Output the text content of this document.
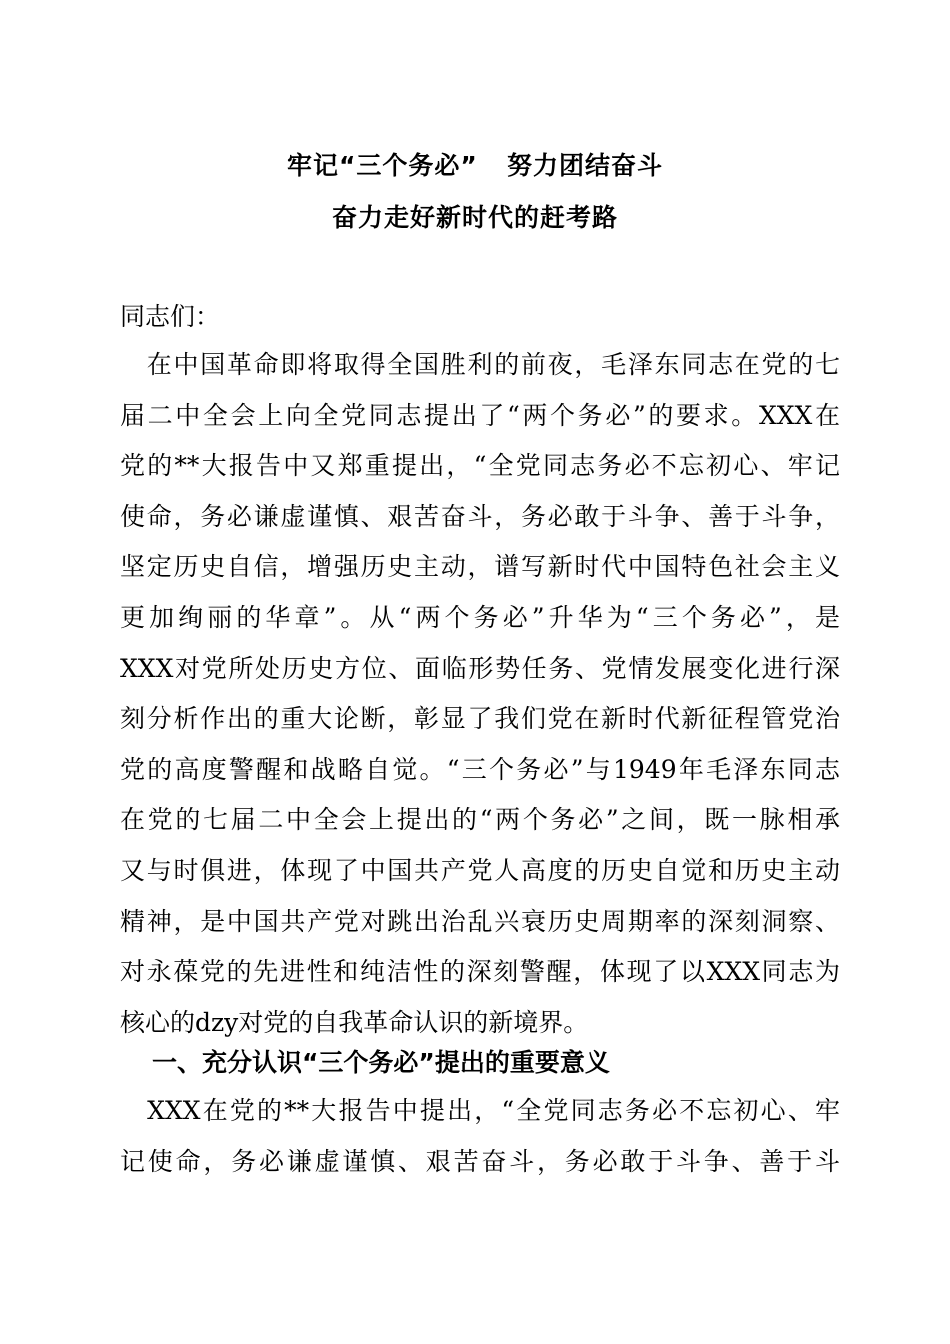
牢记“三个务必”   努力团结奋斗
奋力走好新时代的赶考路
同志们：
　在中国革命即将取得全国胜利的前夜，毛泽东同志在党的七
届二中全会上向全党同志提出了“两个务必”的要求。XXX在
党的**大报告中又郑重提出，“全党同志务必不忘初心、牢记
使命，务必谦虚谨慎、艰苦奋斗，务必敢于斗争、善于斗争，
坚定历史自信，增强历史主动，谱写新时代中国特色社会主义
更加绚丽的华章”。从“两个务必”升华为“三个务必”，是
XXX对党所处历史方位、面临形势任务、党情发展变化进行深
刻分析作出的重大论断，彰显了我们党在新时代新征程管党治
党的高度警醒和战略自觉。“三个务必”与1949年毛泽东同志
在党的七届二中全会上提出的“两个务必”之间，既一脉相承
又与时俱进，体现了中国共产党人高度的历史自觉和历史主动
精神，是中国共产党对跳出治乱兴衰历史周期率的深刻洞察、
对永葆党的先进性和纯洁性的深刻警醒，体现了以XXX同志为
核心的dzy对党的自我革命认识的新境界。
一、充分认识“三个务必”提出的重要意义
　XXX在党的**大报告中提出，“全党同志务必不忘初心、牢
记使命，务必谦虚谨慎、艰苦奋斗，务必敢于斗争、善于斗
